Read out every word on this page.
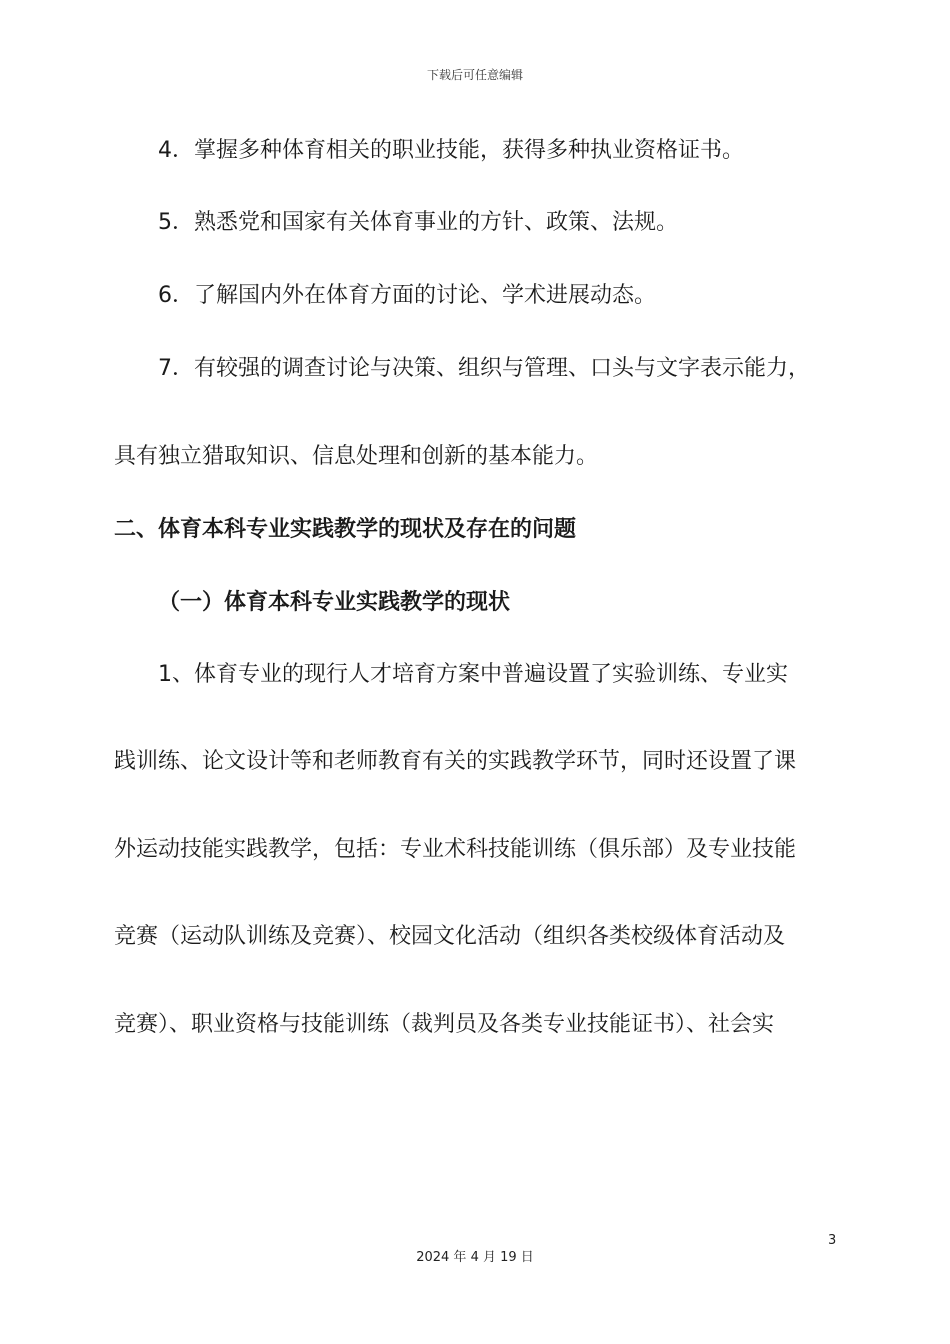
下载后可任意编辑
4．掌握多种体育相关的职业技能，获得多种执业资格证书。
5．熟悉党和国家有关体育事业的方针、政策、法规。
6．了解国内外在体育方面的讨论、学术进展动态。
7．有较强的调查讨论与决策、组织与管理、口头与文字表示能力，
具有独立猎取知识、信息处理和创新的基本能力。
二、体育本科专业实践教学的现状及存在的问题
（一）体育本科专业实践教学的现状
1、体育专业的现行人才培育方案中普遍设置了实验训练、专业实
践训练、论文设计等和老师教育有关的实践教学环节，同时还设置了课
外运动技能实践教学，包括：专业术科技能训练（俱乐部）及专业技能
竞赛（运动队训练及竞赛）、校园文化活动（组织各类校级体育活动及
竞赛）、职业资格与技能训练（裁判员及各类专业技能证书）、社会实
3
2024 年 4 月 19 日
